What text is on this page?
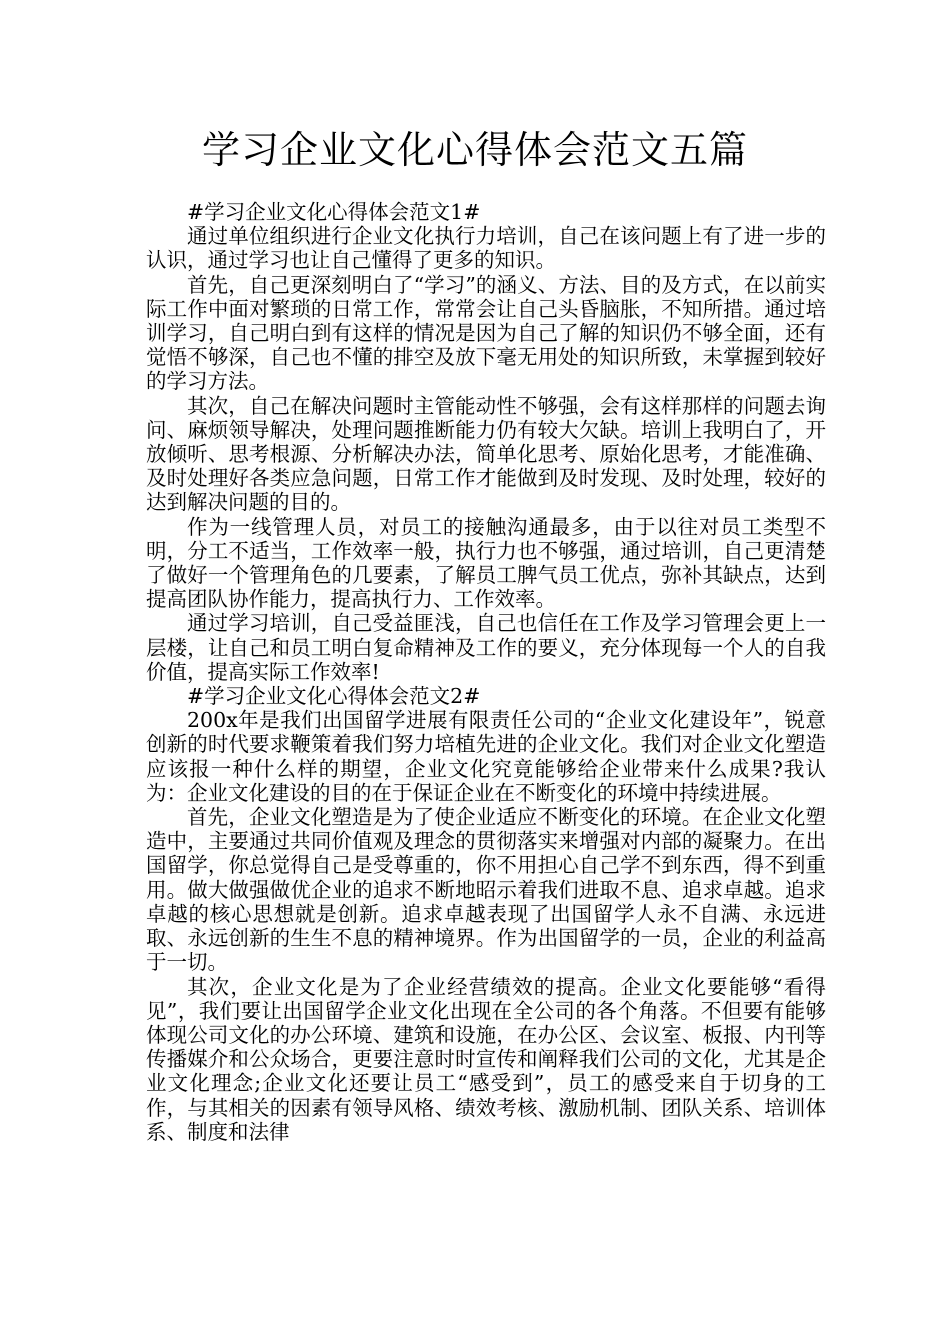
学习企业文化心得体会范文五篇

#学习企业文化心得体会范文1#

通过单位组织进行企业文化执行力培训，自己在该问题上有了进一步的认识，通过学习也让自己懂得了更多的知识。

首先，自己更深刻明白了“学习”的涵义、方法、目的及方式，在以前实际工作中面对繁琐的日常工作，常常会让自己头昏脑胀，不知所措。通过培训学习，自己明白到有这样的情况是因为自己了解的知识仍不够全面，还有觉悟不够深，自己也不懂的排空及放下毫无用处的知识所致，未掌握到较好的学习方法。

其次，自己在解决问题时主管能动性不够强，会有这样那样的问题去询问、麻烦领导解决，处理问题推断能力仍有较大欠缺。培训上我明白了，开放倾听、思考根源、分析解决办法，简单化思考、原始化思考，才能准确、及时处理好各类应急问题，日常工作才能做到及时发现、及时处理，较好的达到解决问题的目的。

作为一线管理人员，对员工的接触沟通最多，由于以往对员工类型不明，分工不适当，工作效率一般，执行力也不够强，通过培训，自己更清楚了做好一个管理角色的几要素，了解员工脾气员工优点，弥补其缺点，达到提高团队协作能力，提高执行力、工作效率。

通过学习培训，自己受益匪浅，自己也信任在工作及学习管理会更上一层楼，让自己和员工明白复命精神及工作的要义，充分体现每一个人的自我价值，提高实际工作效率!

#学习企业文化心得体会范文2#

200x年是我们出国留学进展有限责任公司的“企业文化建设年”，锐意创新的时代要求鞭策着我们努力培植先进的企业文化。我们对企业文化塑造应该报一种什么样的期望，企业文化究竟能够给企业带来什么成果?我认为：企业文化建设的目的在于保证企业在不断变化的环境中持续进展。

首先，企业文化塑造是为了使企业适应不断变化的环境。在企业文化塑造中，主要通过共同价值观及理念的贯彻落实来增强对内部的凝聚力。在出国留学，你总觉得自己是受尊重的，你不用担心自己学不到东西，得不到重用。做大做强做优企业的追求不断地昭示着我们进取不息、追求卓越。追求卓越的核心思想就是创新。追求卓越表现了出国留学人永不自满、永远进取、永远创新的生生不息的精神境界。作为出国留学的一员，企业的利益高于一切。

其次，企业文化是为了企业经营绩效的提高。企业文化要能够“看得见”，我们要让出国留学企业文化出现在全公司的各个角落。不但要有能够体现公司文化的办公环境、建筑和设施，在办公区、会议室、板报、内刊等传播媒介和公众场合，更要注意时时宣传和阐释我们公司的文化，尤其是企业文化理念;企业文化还要让员工“感受到”，员工的感受来自于切身的工作，与其相关的因素有领导风格、绩效考核、激励机制、团队关系、培训体系、制度和法律
